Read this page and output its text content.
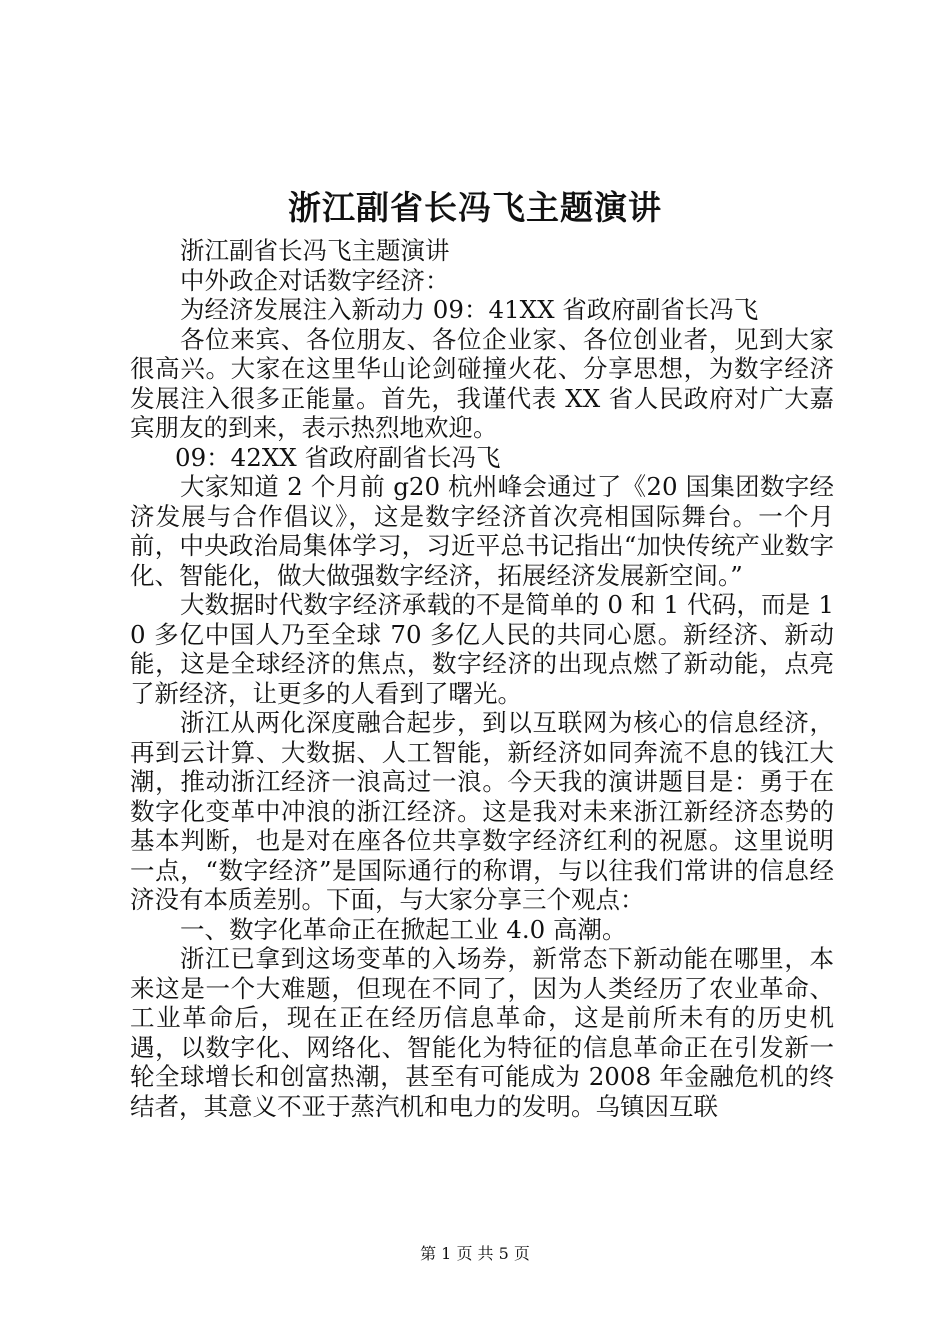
浙江副省长冯飞主题演讲

浙江副省长冯飞主题演讲

中外政企对话数字经济：

为经济发展注入新动力 09：41XX 省政府副省长冯飞

各位来宾、各位朋友、各位企业家、各位创业者，见到大家很高兴。大家在这里华山论剑碰撞火花、分享思想，为数字经济发展注入很多正能量。首先，我谨代表 XX 省人民政府对广大嘉宾朋友的到来，表示热烈地欢迎。

09：42XX 省政府副省长冯飞

大家知道 2 个月前 g20 杭州峰会通过了《20 国集团数字经济发展与合作倡议》，这是数字经济首次亮相国际舞台。一个月前，中央政治局集体学习，习近平总书记指出“加快传统产业数字化、智能化，做大做强数字经济，拓展经济发展新空间。”

大数据时代数字经济承载的不是简单的 0 和 1 代码，而是 10 多亿中国人乃至全球 70 多亿人民的共同心愿。新经济、新动能，这是全球经济的焦点，数字经济的出现点燃了新动能，点亮了新经济，让更多的人看到了曙光。

浙江从两化深度融合起步，到以互联网为核心的信息经济，再到云计算、大数据、人工智能，新经济如同奔流不息的钱江大潮，推动浙江经济一浪高过一浪。今天我的演讲题目是：勇于在数字化变革中冲浪的浙江经济。这是我对未来浙江新经济态势的基本判断，也是对在座各位共享数字经济红利的祝愿。这里说明一点，“数字经济”是国际通行的称谓，与以往我们常讲的信息经济没有本质差别。下面，与大家分享三个观点：

一、数字化革命正在掀起工业 4.0 高潮。

浙江已拿到这场变革的入场券，新常态下新动能在哪里，本来这是一个大难题，但现在不同了，因为人类经历了农业革命、工业革命后，现在正在经历信息革命，这是前所未有的历史机遇，以数字化、网络化、智能化为特征的信息革命正在引发新一轮全球增长和创富热潮，甚至有可能成为 2008 年金融危机的终结者，其意义不亚于蒸汽机和电力的发明。乌镇因互联

第 1 页 共 5 页
